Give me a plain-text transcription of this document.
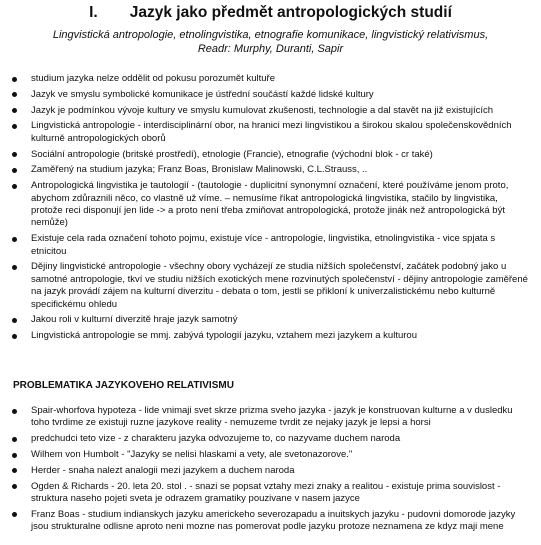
I. Jazyk jako předmět antropologických studií
Lingvistická antropologie, etnolingvistika, etnografie komunikace, lingvistický relativismus,
Readr: Murphy, Duranti, Sapir
studium jazyka nelze oddělit od pokusu porozumět kultuře
Jazyk ve smyslu symbolické komunikace je ústřední součástí každé lidské kultury
Jazyk je podmínkou vývoje kultury ve smyslu kumulovat zkušenosti, technologie a dal stavět na již existujících
Lingvistická antropologie - interdisciplinární obor, na hranici mezi lingvistikou a širokou skalou společenskovědních kulturně antropologických oborů
Sociální antropologie (britské prostředí), etnologie (Francie), etnografie (východní blok - cr také)
Zaměřený na studium jazyka; Franz Boas, Bronislaw Malinowski, C.L.Strauss, ..
Antropologická lingvistika je tautologií - (tautologie - duplicitní synonymní označení, které používáme jenom proto, abychom zdůraznili něco, co vlastně už víme. – nemusíme říkat antropologická lingvistika, stačilo by lingvistika, protože reci disponují jen lide -> a proto není třeba zmiňovat antropologická, protože jinák než antropologická být nemůže)
Existuje cela rada označení tohoto pojmu, existuje více - antropologie, lingvistika, etnolingvistika - vice spjata s etnicitou
Dějiny lingvistické antropologie - všechny obory vycházejí ze studia nižších společenství, začátek podobný jako u samotné antropologie, tkví ve studiu nižších exotických mene rozvinutých společenství - dějiny antropologie zaměřené na jazyk provádí zájem na kulturní diverzitu - debata o tom, jestli se přikloní k univerzalistickému nebo kulturně specifickému ohledu
Jakou roli v kulturní diverzitě hraje jazyk samotný
Lingvistická antropologie se mmj. zabývá typologií jazyku, vztahem mezi jazykem a kulturou
PROBLEMATIKA JAZYKOVEHO RELATIVISMU
Spair-whorfova hypoteza - lide vnimaji svet skrze prizma sveho jazyka - jazyk je konstruovan kulturne a v dusledku toho tvrdime ze existuji ruzne jazykove reality - nemuzeme tvrdit ze nejaky jazyk je lepsi a horsi
predchudci teto vize - z charakteru jazyka odvozujeme to, co nazyvame duchem naroda
Wilhem von Humbolt - "Jazyky se nelisi hlaskami a vety, ale svetonazorove."
Herder - snaha nalezt analogii mezi jazykem a duchem naroda
Ogden & Richards - 20. leta 20. stol . - snazi se popsat vztahy mezi znaky a realitou - existuje prima souvislost - struktura naseho pojeti sveta je odrazem gramatiky pouzivane v nasem jazyce
Franz Boas - studium indianskych jazyku americkeho severozapadu a inuitskych jazyku - pudovni domorode jazyky jsou strukturalne odlisne aproto neni mozne nas pomerovat podle jazyku protoze neznamena ze kdyz maji mene
